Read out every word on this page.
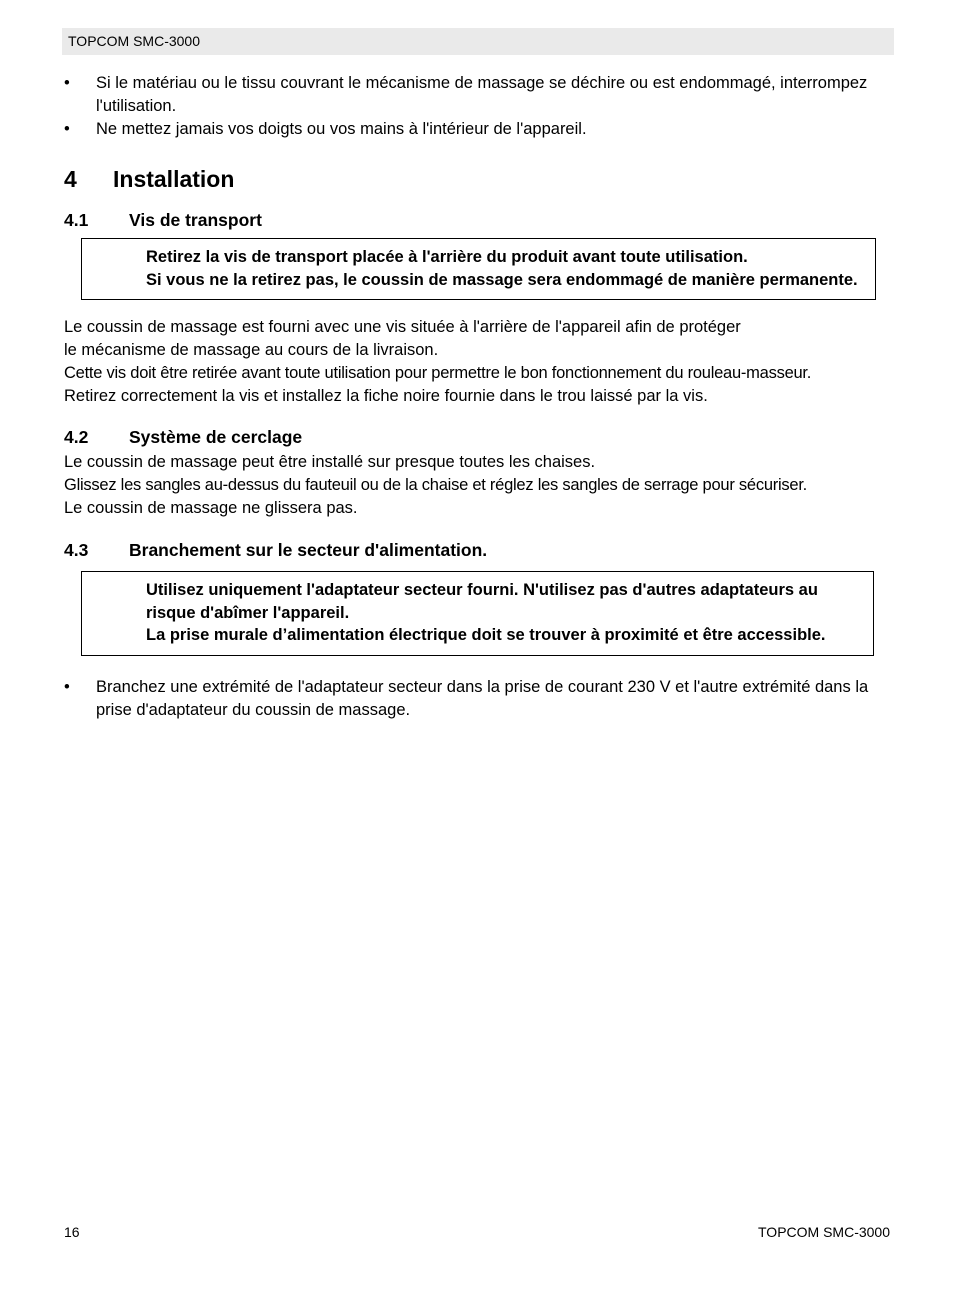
TOPCOM SMC-3000
• Si le matériau ou le tissu couvrant le mécanisme de massage se déchire ou est endommagé, interrompez l'utilisation.
• Ne mettez jamais vos doigts ou vos mains à l'intérieur de l'appareil.
4	Installation
4.1	Vis de transport

Retirez la vis de transport placée à l'arrière du produit avant toute utilisation.

Si vous ne la retirez pas, le coussin de massage sera endommagé de manière permanente.

Le coussin de massage est fourni avec une vis située à l'arrière de l'appareil afin de protéger

le mécanisme de massage au cours de la livraison.

Cette vis doit être retirée avant toute utilisation pour permettre le bon fonctionnement du rouleau-masseur.

Retirez correctement la vis et installez la fiche noire fournie dans le trou laissé par la vis.

4.2	Système de cerclage

Le coussin de massage peut être installé sur presque toutes les chaises.

Glissez les sangles au-dessus du fauteuil ou de la chaise et réglez les sangles de serrage pour sécuriser.

Le coussin de massage ne glissera pas.

4.3	Branchement sur le secteur d'alimentation.

Utilisez uniquement l'adaptateur secteur fourni. N'utilisez pas d'autres adaptateurs au risque d'abîmer l'appareil.

La prise murale d’alimentation électrique doit se trouver à proximité et être accessible.

• Branchez une extrémité de l'adaptateur secteur dans la prise de courant 230 V et l'autre extrémité dans la prise d'adaptateur du coussin de massage.
16	TOPCOM SMC-3000
